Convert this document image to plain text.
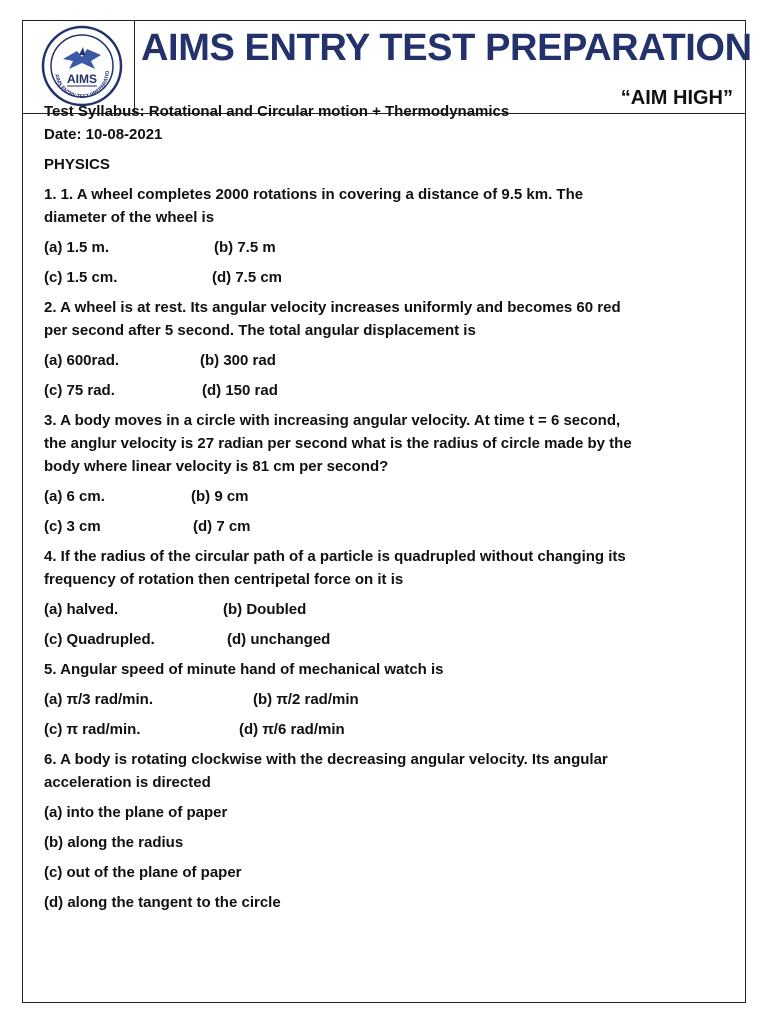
AIMS ENTRY TEST PREPARATIO
AIMS
AIMS ENTRY TEST PREPARATION
“AIM HIGH”
Test Syllabus: Rotational and Circular motion + Thermodynamics
Date: 10-08-2021
PHYSICS
1. 1. A wheel completes 2000 rotations in covering a distance of 9.5 km. The
diameter of the wheel is
(a) 1.5 m.	(b) 7.5 m
(c) 1.5 cm.	(d) 7.5 cm
2. A wheel is at rest. Its angular velocity increases uniformly and becomes 60 red
per second after 5 second. The total angular displacement is
(a) 600rad.	(b) 300 rad
(c) 75 rad.	(d) 150 rad
3. A body moves in a circle with increasing angular velocity. At time t = 6 second,
the anglur velocity is 27 radian per second what is the radius of circle made by the
body where linear velocity is 81 cm per second?
(a) 6 cm.	(b) 9 cm
(c) 3 cm	(d) 7 cm
4. If the radius of the circular path of a particle is quadrupled without changing its
frequency of rotation then centripetal force on it is
(a) halved.	(b) Doubled
(c) Quadrupled.	(d) unchanged
5. Angular speed of minute hand of mechanical watch is
(a) π/3 rad/min.	(b) π/2 rad/min
(c) π rad/min.	(d) π/6 rad/min
6. A body is rotating clockwise with the decreasing angular velocity. Its angular
acceleration is directed
(a) into the plane of paper
(b) along the radius
(c) out of the plane of paper
(d) along the tangent to the circle
